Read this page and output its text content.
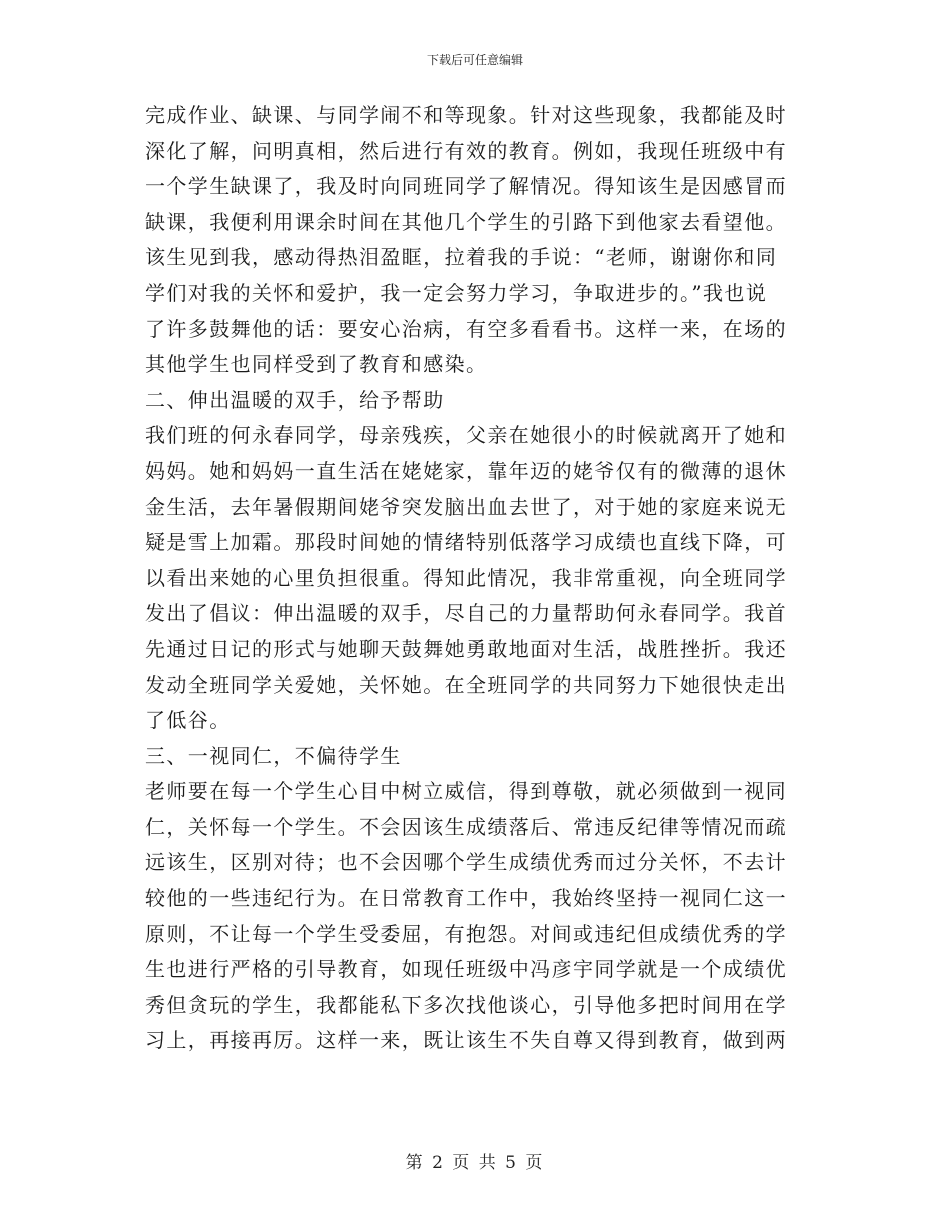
下载后可任意编辑
完成作业、缺课、与同学闹不和等现象。针对这些现象，我都能及时
深化了解，问明真相，然后进行有效的教育。例如，我现任班级中有
一个学生缺课了，我及时向同班同学了解情况。得知该生是因感冒而
缺课，我便利用课余时间在其他几个学生的引路下到他家去看望他。
该生见到我，感动得热泪盈眶，拉着我的手说：“老师，谢谢你和同
学们对我的关怀和爱护，我一定会努力学习，争取进步的。”我也说
了许多鼓舞他的话：要安心治病，有空多看看书。这样一来，在场的
其他学生也同样受到了教育和感染。
二、伸出温暖的双手，给予帮助
我们班的何永春同学，母亲残疾，父亲在她很小的时候就离开了她和
妈妈。她和妈妈一直生活在姥姥家，靠年迈的姥爷仅有的微薄的退休
金生活，去年暑假期间姥爷突发脑出血去世了，对于她的家庭来说无
疑是雪上加霜。那段时间她的情绪特别低落学习成绩也直线下降，可
以看出来她的心里负担很重。得知此情况，我非常重视，向全班同学
发出了倡议：伸出温暖的双手，尽自己的力量帮助何永春同学。我首
先通过日记的形式与她聊天鼓舞她勇敢地面对生活，战胜挫折。我还
发动全班同学关爱她，关怀她。在全班同学的共同努力下她很快走出
了低谷。
三、一视同仁，不偏待学生
老师要在每一个学生心目中树立威信，得到尊敬，就必须做到一视同
仁，关怀每一个学生。不会因该生成绩落后、常违反纪律等情况而疏
远该生，区别对待；也不会因哪个学生成绩优秀而过分关怀，不去计
较他的一些违纪行为。在日常教育工作中，我始终坚持一视同仁这一
原则，不让每一个学生受委屈，有抱怨。对间或违纪但成绩优秀的学
生也进行严格的引导教育，如现任班级中冯彦宇同学就是一个成绩优
秀但贪玩的学生，我都能私下多次找他谈心，引导他多把时间用在学
习上，再接再厉。这样一来，既让该生不失自尊又得到教育，做到两
第 2 页 共 5 页
